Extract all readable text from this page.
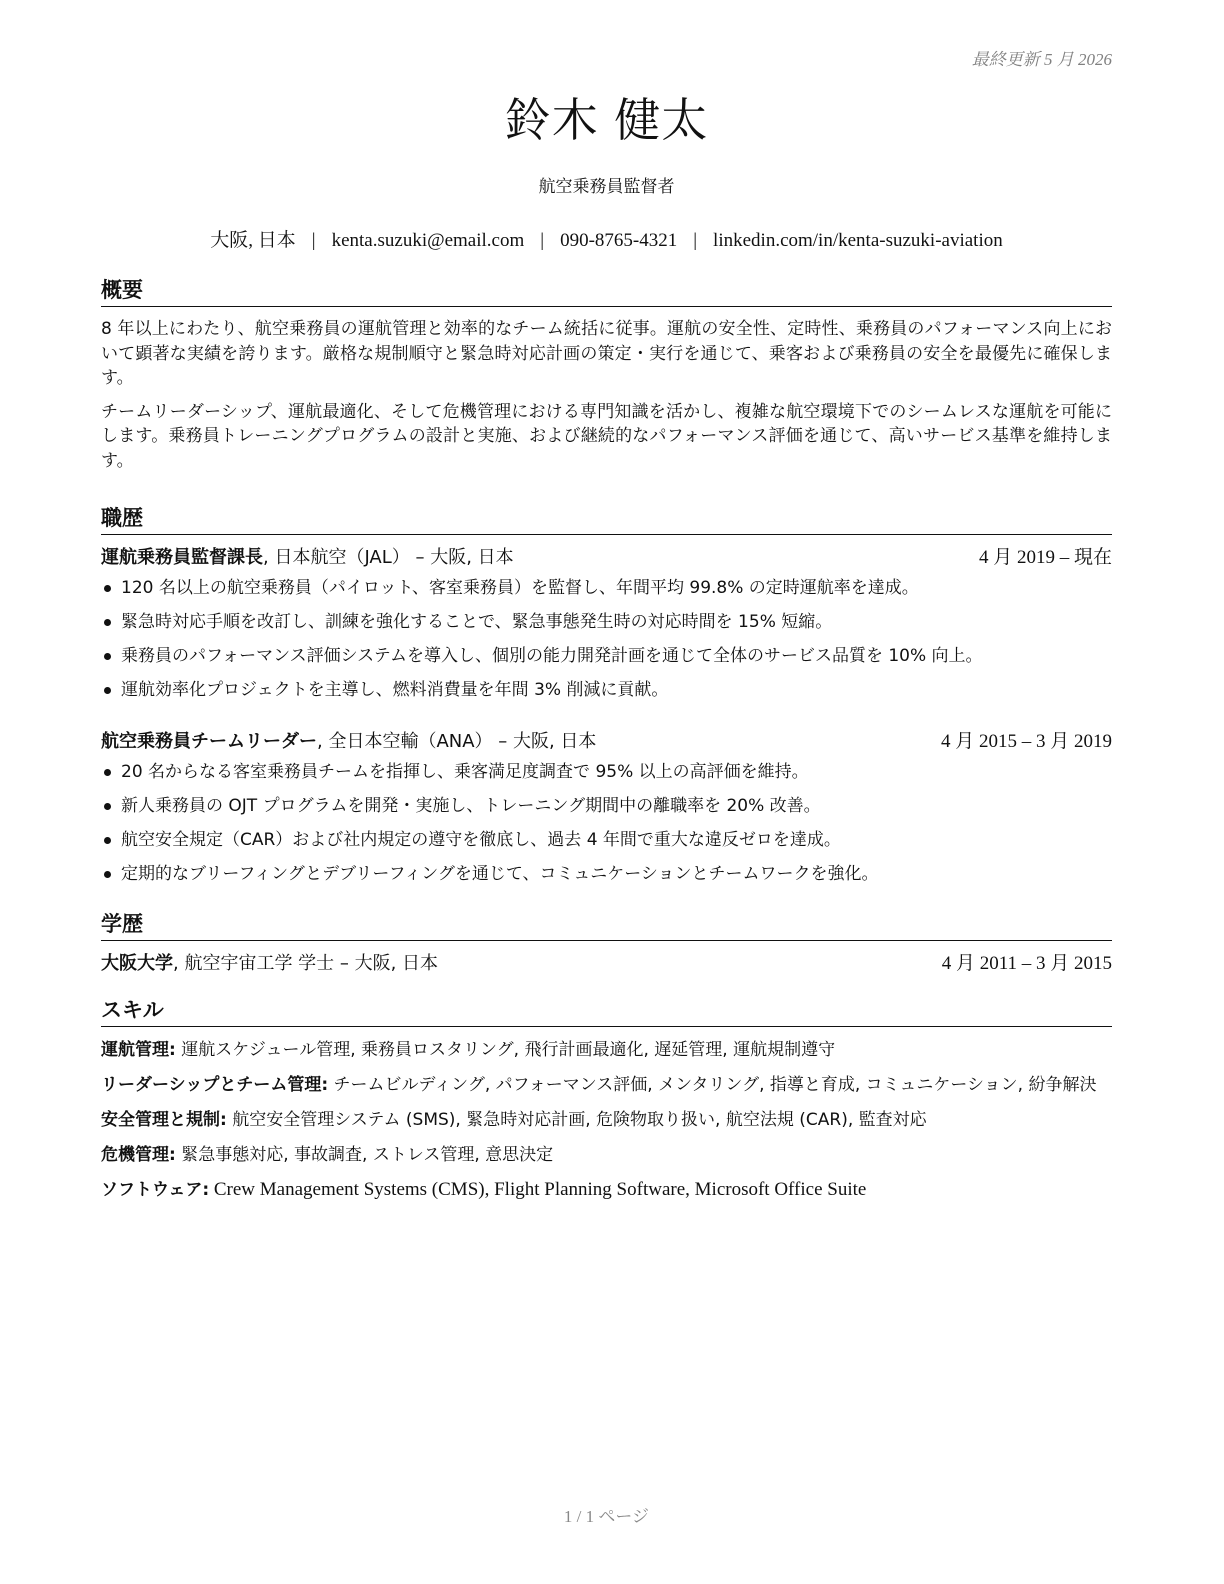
最終更新 5 月 2026
鈴木 健太
航空乗務員監督者
大阪, 日本 | kenta.suzuki@email.com | 090-8765-4321 | linkedin.com/in/kenta-suzuki-aviation
概要

8 年以上にわたり、航空乗務員の運航管理と効率的なチーム統括に従事。運航の安全性、定時性、乗務員のパフォーマンス向上において顕著な実績を誇ります。厳格な規制順守と緊急時対応計画の策定・実行を通じて、乗客および乗務員の安全を最優先に確保します。

チームリーダーシップ、運航最適化、そして危機管理における専門知識を活かし、複雑な航空環境下でのシームレスな運航を可能にします。乗務員トレーニングプログラムの設計と実施、および継続的なパフォーマンス評価を通じて、高いサービス基準を維持します。

職歴
運航乗務員監督課長, 日本航空（JAL） – 大阪, 日本	4 月 2019 – 現在
120 名以上の航空乗務員（パイロット、客室乗務員）を監督し、年間平均 99.8% の定時運航率を達成。
緊急時対応手順を改訂し、訓練を強化することで、緊急事態発生時の対応時間を 15% 短縮。
乗務員のパフォーマンス評価システムを導入し、個別の能力開発計画を通じて全体のサービス品質を 10% 向上。
運航効率化プロジェクトを主導し、燃料消費量を年間 3% 削減に貢献。
航空乗務員チームリーダー, 全日本空輸（ANA） – 大阪, 日本	4 月 2015 – 3 月 2019
20 名からなる客室乗務員チームを指揮し、乗客満足度調査で 95% 以上の高評価を維持。
新人乗務員の OJT プログラムを開発・実施し、トレーニング期間中の離職率を 20% 改善。
航空安全規定（CAR）および社内規定の遵守を徹底し、過去 4 年間で重大な違反ゼロを達成。
定期的なブリーフィングとデブリーフィングを通じて、コミュニケーションとチームワークを強化。
学歴
大阪大学, 航空宇宙工学 学士 – 大阪, 日本	4 月 2011 – 3 月 2015
スキル
運航管理: 運航スケジュール管理, 乗務員ロスタリング, 飛行計画最適化, 遅延管理, 運航規制遵守
リーダーシップとチーム管理: チームビルディング, パフォーマンス評価, メンタリング, 指導と育成, コミュニケーション, 紛争解決
安全管理と規制: 航空安全管理システム (SMS), 緊急時対応計画, 危険物取り扱い, 航空法規 (CAR), 監査対応
危機管理: 緊急事態対応, 事故調査, ストレス管理, 意思決定
ソフトウェア: Crew Management Systems (CMS), Flight Planning Software, Microsoft Office Suite
1 / 1 ページ
